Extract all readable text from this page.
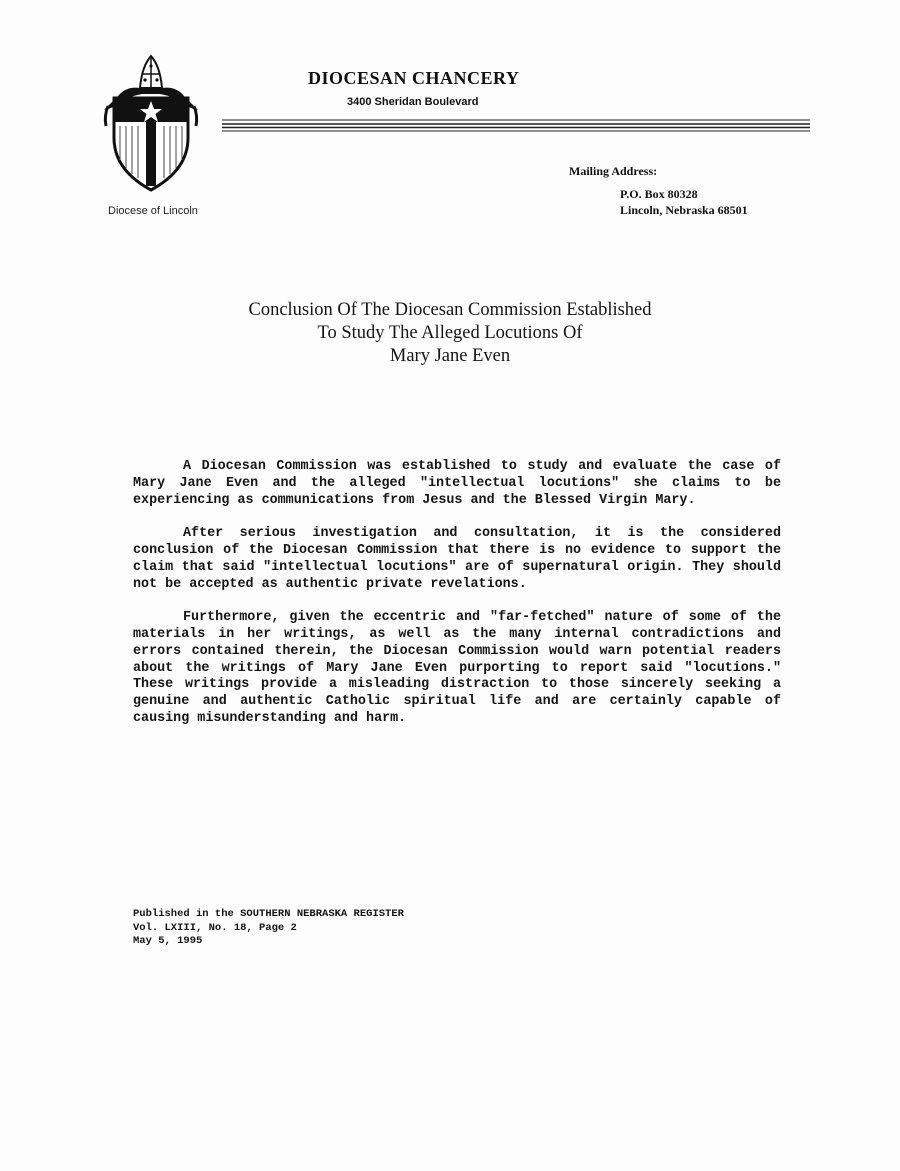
Diocese of Lincoln
DIOCESAN CHANCERY
3400 Sheridan Boulevard
Mailing Address:
P.O. Box 80328
Lincoln, Nebraska 68501
Conclusion Of The Diocesan Commission Established
To Study The Alleged Locutions Of
Mary Jane Even

A Diocesan Commission was established to study and evaluate the case of Mary Jane Even and the alleged "intellectual locutions" she claims to be experiencing as communications from Jesus and the Blessed Virgin Mary.

After serious investigation and consultation, it is the considered conclusion of the Diocesan Commission that there is no evidence to support the claim that said "intellectual locutions" are of supernatural origin. They should not be accepted as authentic private revelations.

Furthermore, given the eccentric and "far-fetched" nature of some of the materials in her writings, as well as the many internal contradictions and errors contained therein, the Diocesan Commission would warn potential readers about the writings of Mary Jane Even purporting to report said "locutions." These writings provide a misleading distraction to those sincerely seeking a genuine and authentic Catholic spiritual life and are certainly capable of causing misunderstanding and harm.

Published in the SOUTHERN NEBRASKA REGISTER
Vol. LXIII, No. 18, Page 2
May 5, 1995
